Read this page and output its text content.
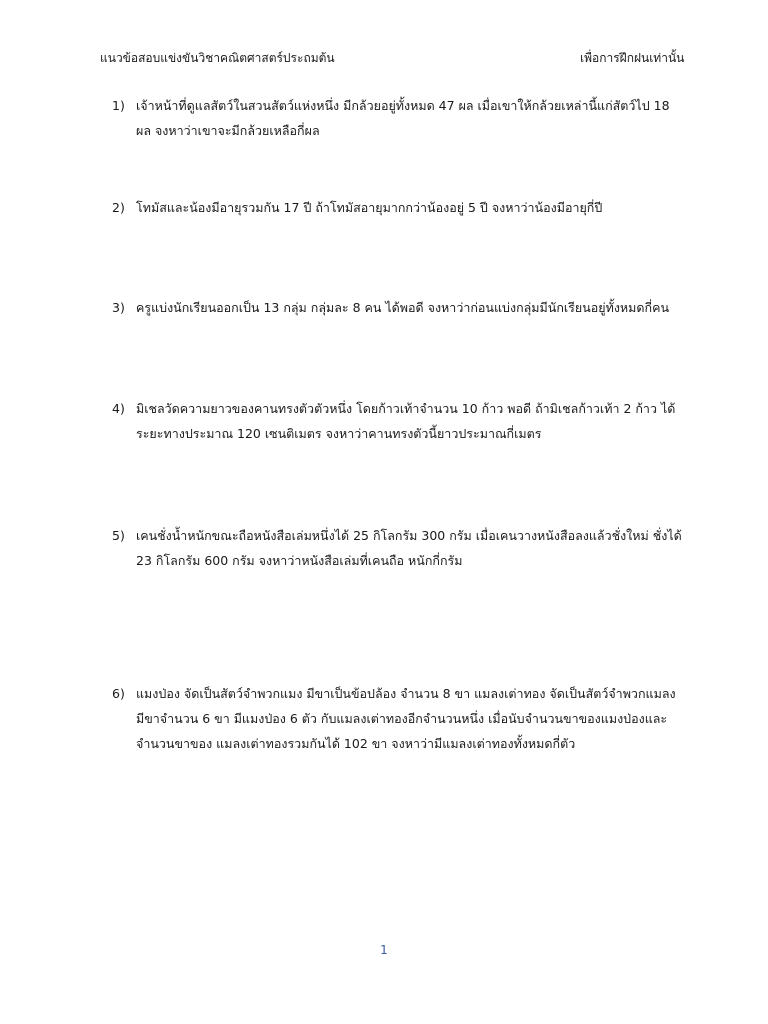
แนวข้อสอบแข่งขันวิชาคณิตศาสตร์ประถมต้น	เพื่อการฝึกฝนเท่านั้น
1) เจ้าหน้าที่ดูแลสัตว์ในสวนสัตว์แห่งหนึ่ง มีกล้วยอยู่ทั้งหมด 47 ผล เมื่อเขาให้กล้วยเหล่านี้แก่สัตว์ไป 18 ผล จงหาว่าเขาจะมีกล้วยเหลือกี่ผล
2) โทมัสและน้องมีอายุรวมกัน 17 ปี ถ้าโทมัสอายุมากกว่าน้องอยู่ 5 ปี จงหาว่าน้องมีอายุกี่ปี
3) ครูแบ่งนักเรียนออกเป็น 13 กลุ่ม กลุ่มละ 8 คน ได้พอดี จงหาว่าก่อนแบ่งกลุ่มมีนักเรียนอยู่ทั้งหมดกี่คน
4) มิเชลวัดความยาวของคานทรงตัวตัวหนึ่ง โดยก้าวเท้าจำนวน 10 ก้าว พอดี ถ้ามิเชลก้าวเท้า 2 ก้าว ได้ระยะทางประมาณ 120 เซนติเมตร จงหาว่าคานทรงตัวนี้ยาวประมาณกี่เมตร
5) เคนชั่งน้ำหนักขณะถือหนังสือเล่มหนึ่งได้ 25 กิโลกรัม 300 กรัม เมื่อเคนวางหนังสือลงแล้วชั่งใหม่ ชั่งได้ 23 กิโลกรัม 600 กรัม จงหาว่าหนังสือเล่มที่เคนถือ หนักกี่กรัม
6) แมงป่อง จัดเป็นสัตว์จำพวกแมง มีขาเป็นข้อปล้อง จำนวน 8 ขา แมลงเต่าทอง จัดเป็นสัตว์จำพวกแมลง มีขาจำนวน 6 ขา มีแมงป่อง 6 ตัว กับแมลงเต่าทองอีกจำนวนหนึ่ง เมื่อนับจำนวนขาของแมงป่องและจำนวนขาของ แมลงเต่าทองรวมกันได้ 102 ขา จงหาว่ามีแมลงเต่าทองทั้งหมดกี่ตัว
1
